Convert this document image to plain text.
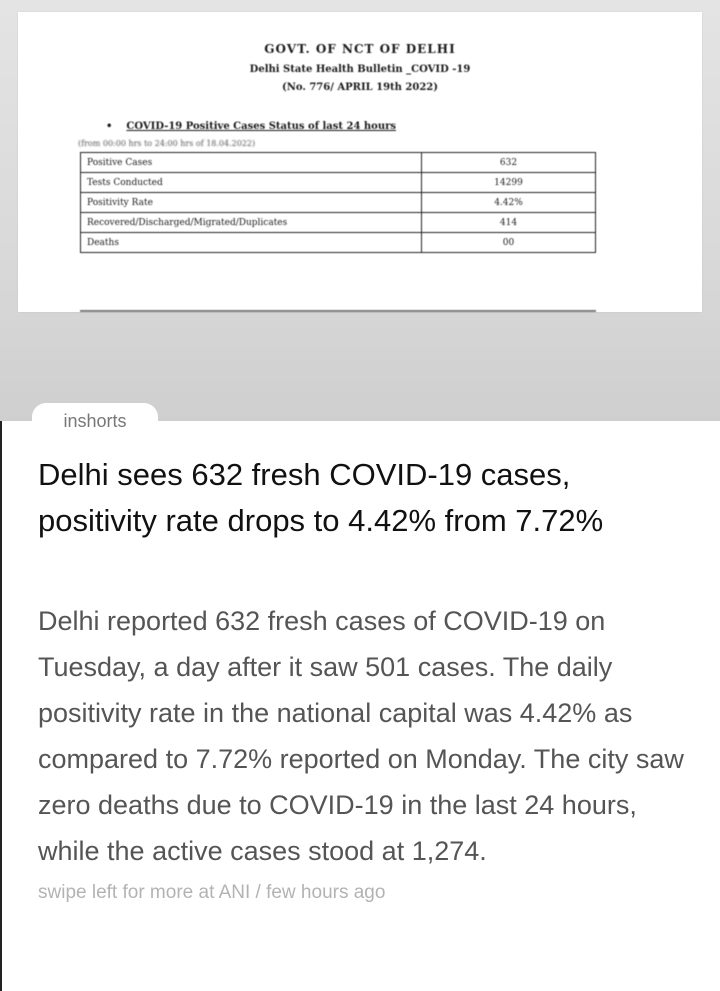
GOVT. OF NCT OF DELHI
Delhi State Health Bulletin _COVID -19
(No. 776/ APRIL 19th 2022)
• COVID-19 Positive Cases Status of last 24 hours
(from 00:00 hrs to 24:00 hrs of 18.04.2022)
Positive Cases	632
Tests Conducted	14299
Positivity Rate	4.42%
Recovered/Discharged/Migrated/Duplicates	414
Deaths	00
inshorts
Delhi sees 632 fresh COVID-19 cases, positivity rate drops to 4.42% from 7.72%

Delhi reported 632 fresh cases of COVID-19 on Tuesday, a day after it saw 501 cases. The daily positivity rate in the national capital was 4.42% as compared to 7.72% reported on Monday. The city saw zero deaths due to COVID-19 in the last 24 hours, while the active cases stood at 1,274.

swipe left for more at ANI / few hours ago
